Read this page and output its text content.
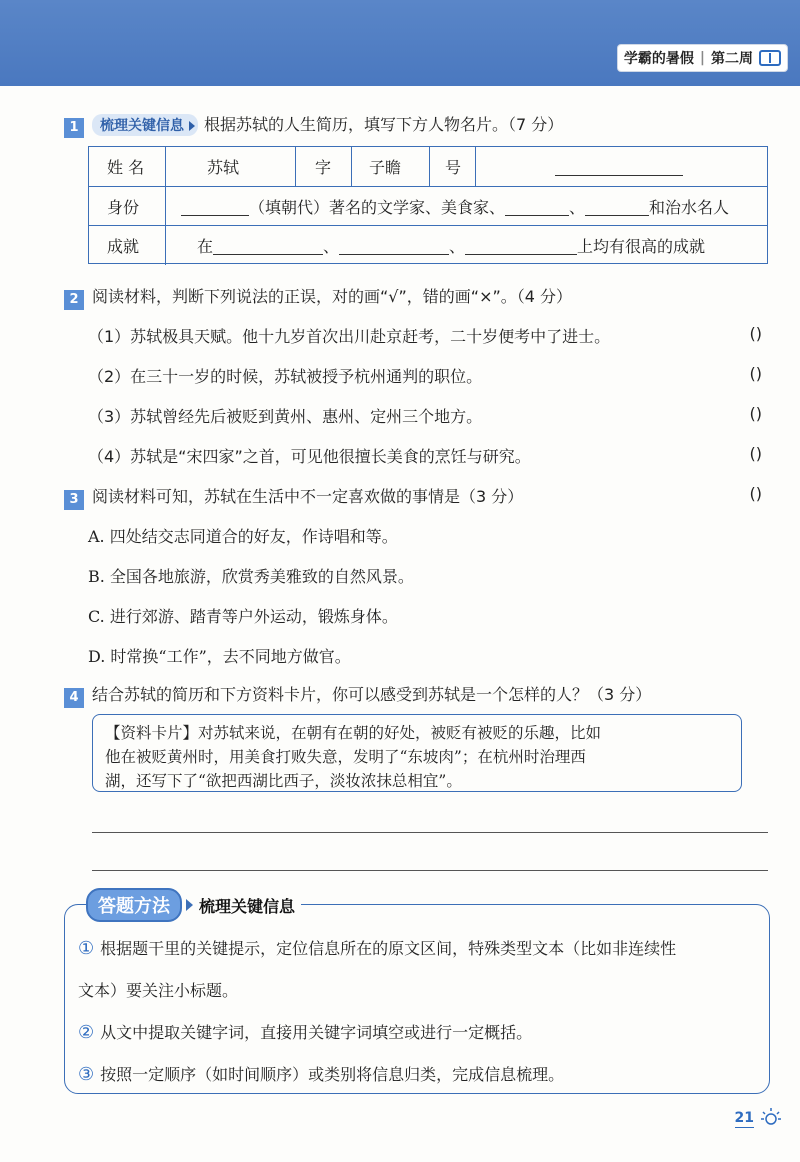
学霸的暑假 | 第二周
1 梳理关键信息 根据苏轼的人生简历，填写下方人物名片。（7 分）
姓 名	苏轼	字 子瞻	号
身份	（填朝代）著名的文学家、美食家、	、	和治水名人
成就	在	、	、	上均有很高的成就
2 阅读材料，判断下列说法的正误，对的画“√”，错的画“×”。（4 分）
（1）苏轼极具天赋。他十九岁首次出川赴京赶考，二十岁便考中了进士。	()
（2）在三十一岁的时候，苏轼被授予杭州通判的职位。	()
（3）苏轼曾经先后被贬到黄州、惠州、定州三个地方。	()
（4）苏轼是“宋四家”之首，可见他很擅长美食的烹饪与研究。	()
3 阅读材料可知，苏轼在生活中不一定喜欢做的事情是（3 分）	()
A. 四处结交志同道合的好友，作诗唱和等。
B. 全国各地旅游，欣赏秀美雅致的自然风景。
C. 进行郊游、踏青等户外运动，锻炼身体。
D. 时常换“工作”，去不同地方做官。
4 结合苏轼的简历和下方资料卡片，你可以感受到苏轼是一个怎样的人？（3 分）
【资料卡片】对苏轼来说，在朝有在朝的好处，被贬有被贬的乐趣，比如
他在被贬黄州时，用美食打败失意，发明了“东坡肉”；在杭州时治理西
湖，还写下了“欲把西湖比西子，淡妆浓抹总相宜”。
答题方法	梳理关键信息
① 根据题干里的关键提示，定位信息所在的原文区间，特殊类型文本（比如非连续性
文本）要关注小标题。
② 从文中提取关键字词，直接用关键字词填空或进行一定概括。
③ 按照一定顺序（如时间顺序）或类别将信息归类，完成信息梳理。
21
